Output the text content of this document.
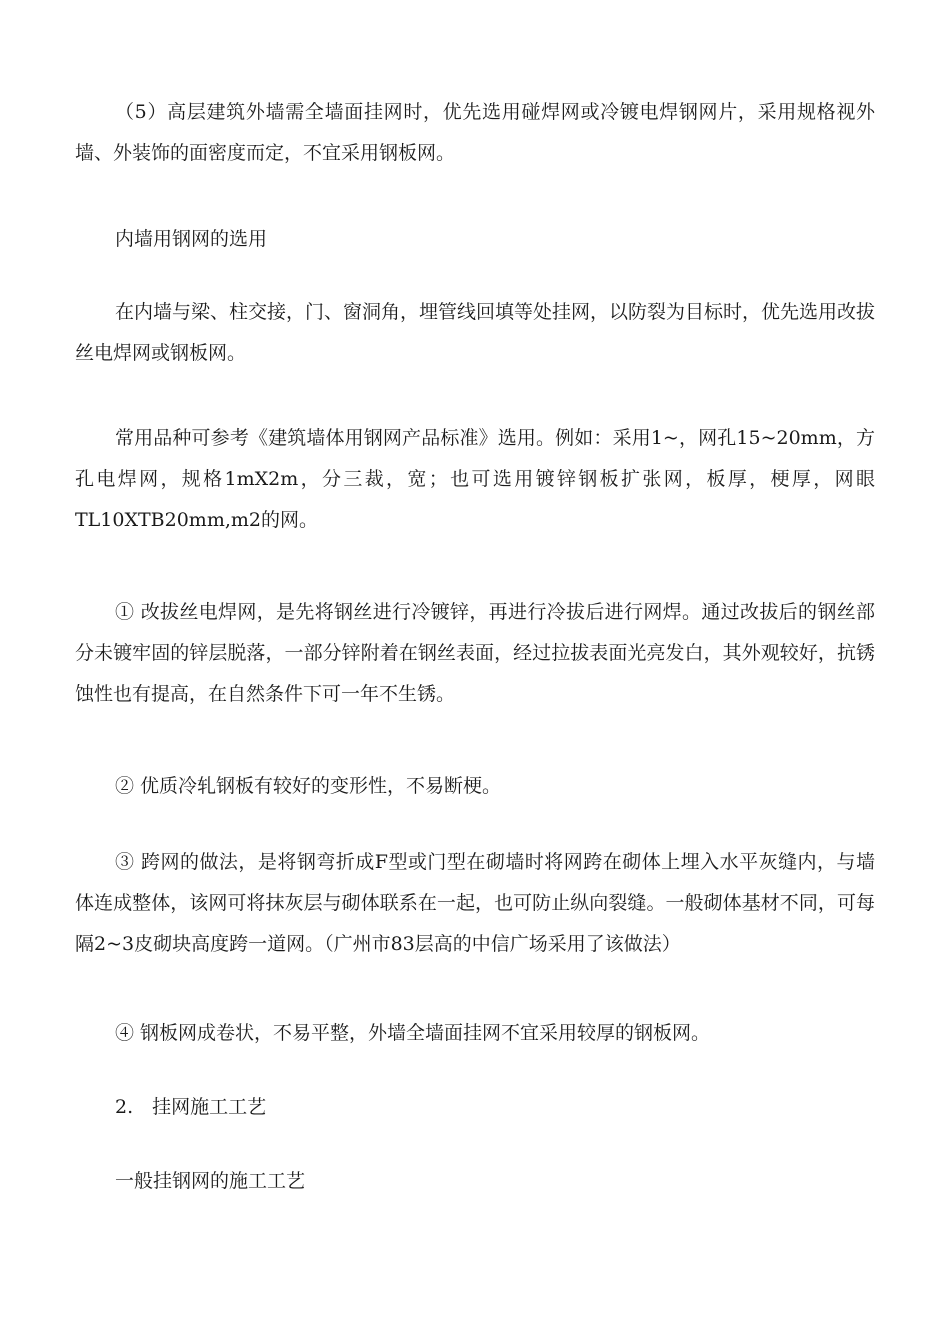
（5）高层建筑外墙需全墙面挂网时，优先选用碰焊网或冷镀电焊钢网片，采用规格视外墙、外装饰的面密度而定，不宜采用钢板网。

内墙用钢网的选用

在内墙与梁、柱交接，门、窗洞角，埋管线回填等处挂网，以防裂为目标时，优先选用改拔丝电焊网或钢板网。

常用品种可参考《建筑墙体用钢网产品标准》选用。例如：采用1~，网孔15~20mm，方孔电焊网，规格1mX2m，分三裁，宽；也可选用镀锌钢板扩张网，板厚，梗厚，网眼TL10XTB20mm,m2的网。

① 改拔丝电焊网，是先将钢丝进行冷镀锌，再进行冷拔后进行网焊。通过改拔后的钢丝部分未镀牢固的锌层脱落，一部分锌附着在钢丝表面，经过拉拔表面光亮发白，其外观较好，抗锈蚀性也有提高，在自然条件下可一年不生锈。

② 优质冷轧钢板有较好的变形性，不易断梗。

③ 跨网的做法，是将钢弯折成F型或门型在砌墙时将网跨在砌体上埋入水平灰缝内，与墙体连成整体，该网可将抹灰层与砌体联系在一起，也可防止纵向裂缝。一般砌体基材不同，可每隔2~3皮砌块高度跨一道网。（广州市83层高的中信广场采用了该做法）

④ 钢板网成卷状，不易平整，外墙全墙面挂网不宜采用较厚的钢板网。

2.　挂网施工工艺

一般挂钢网的施工工艺
